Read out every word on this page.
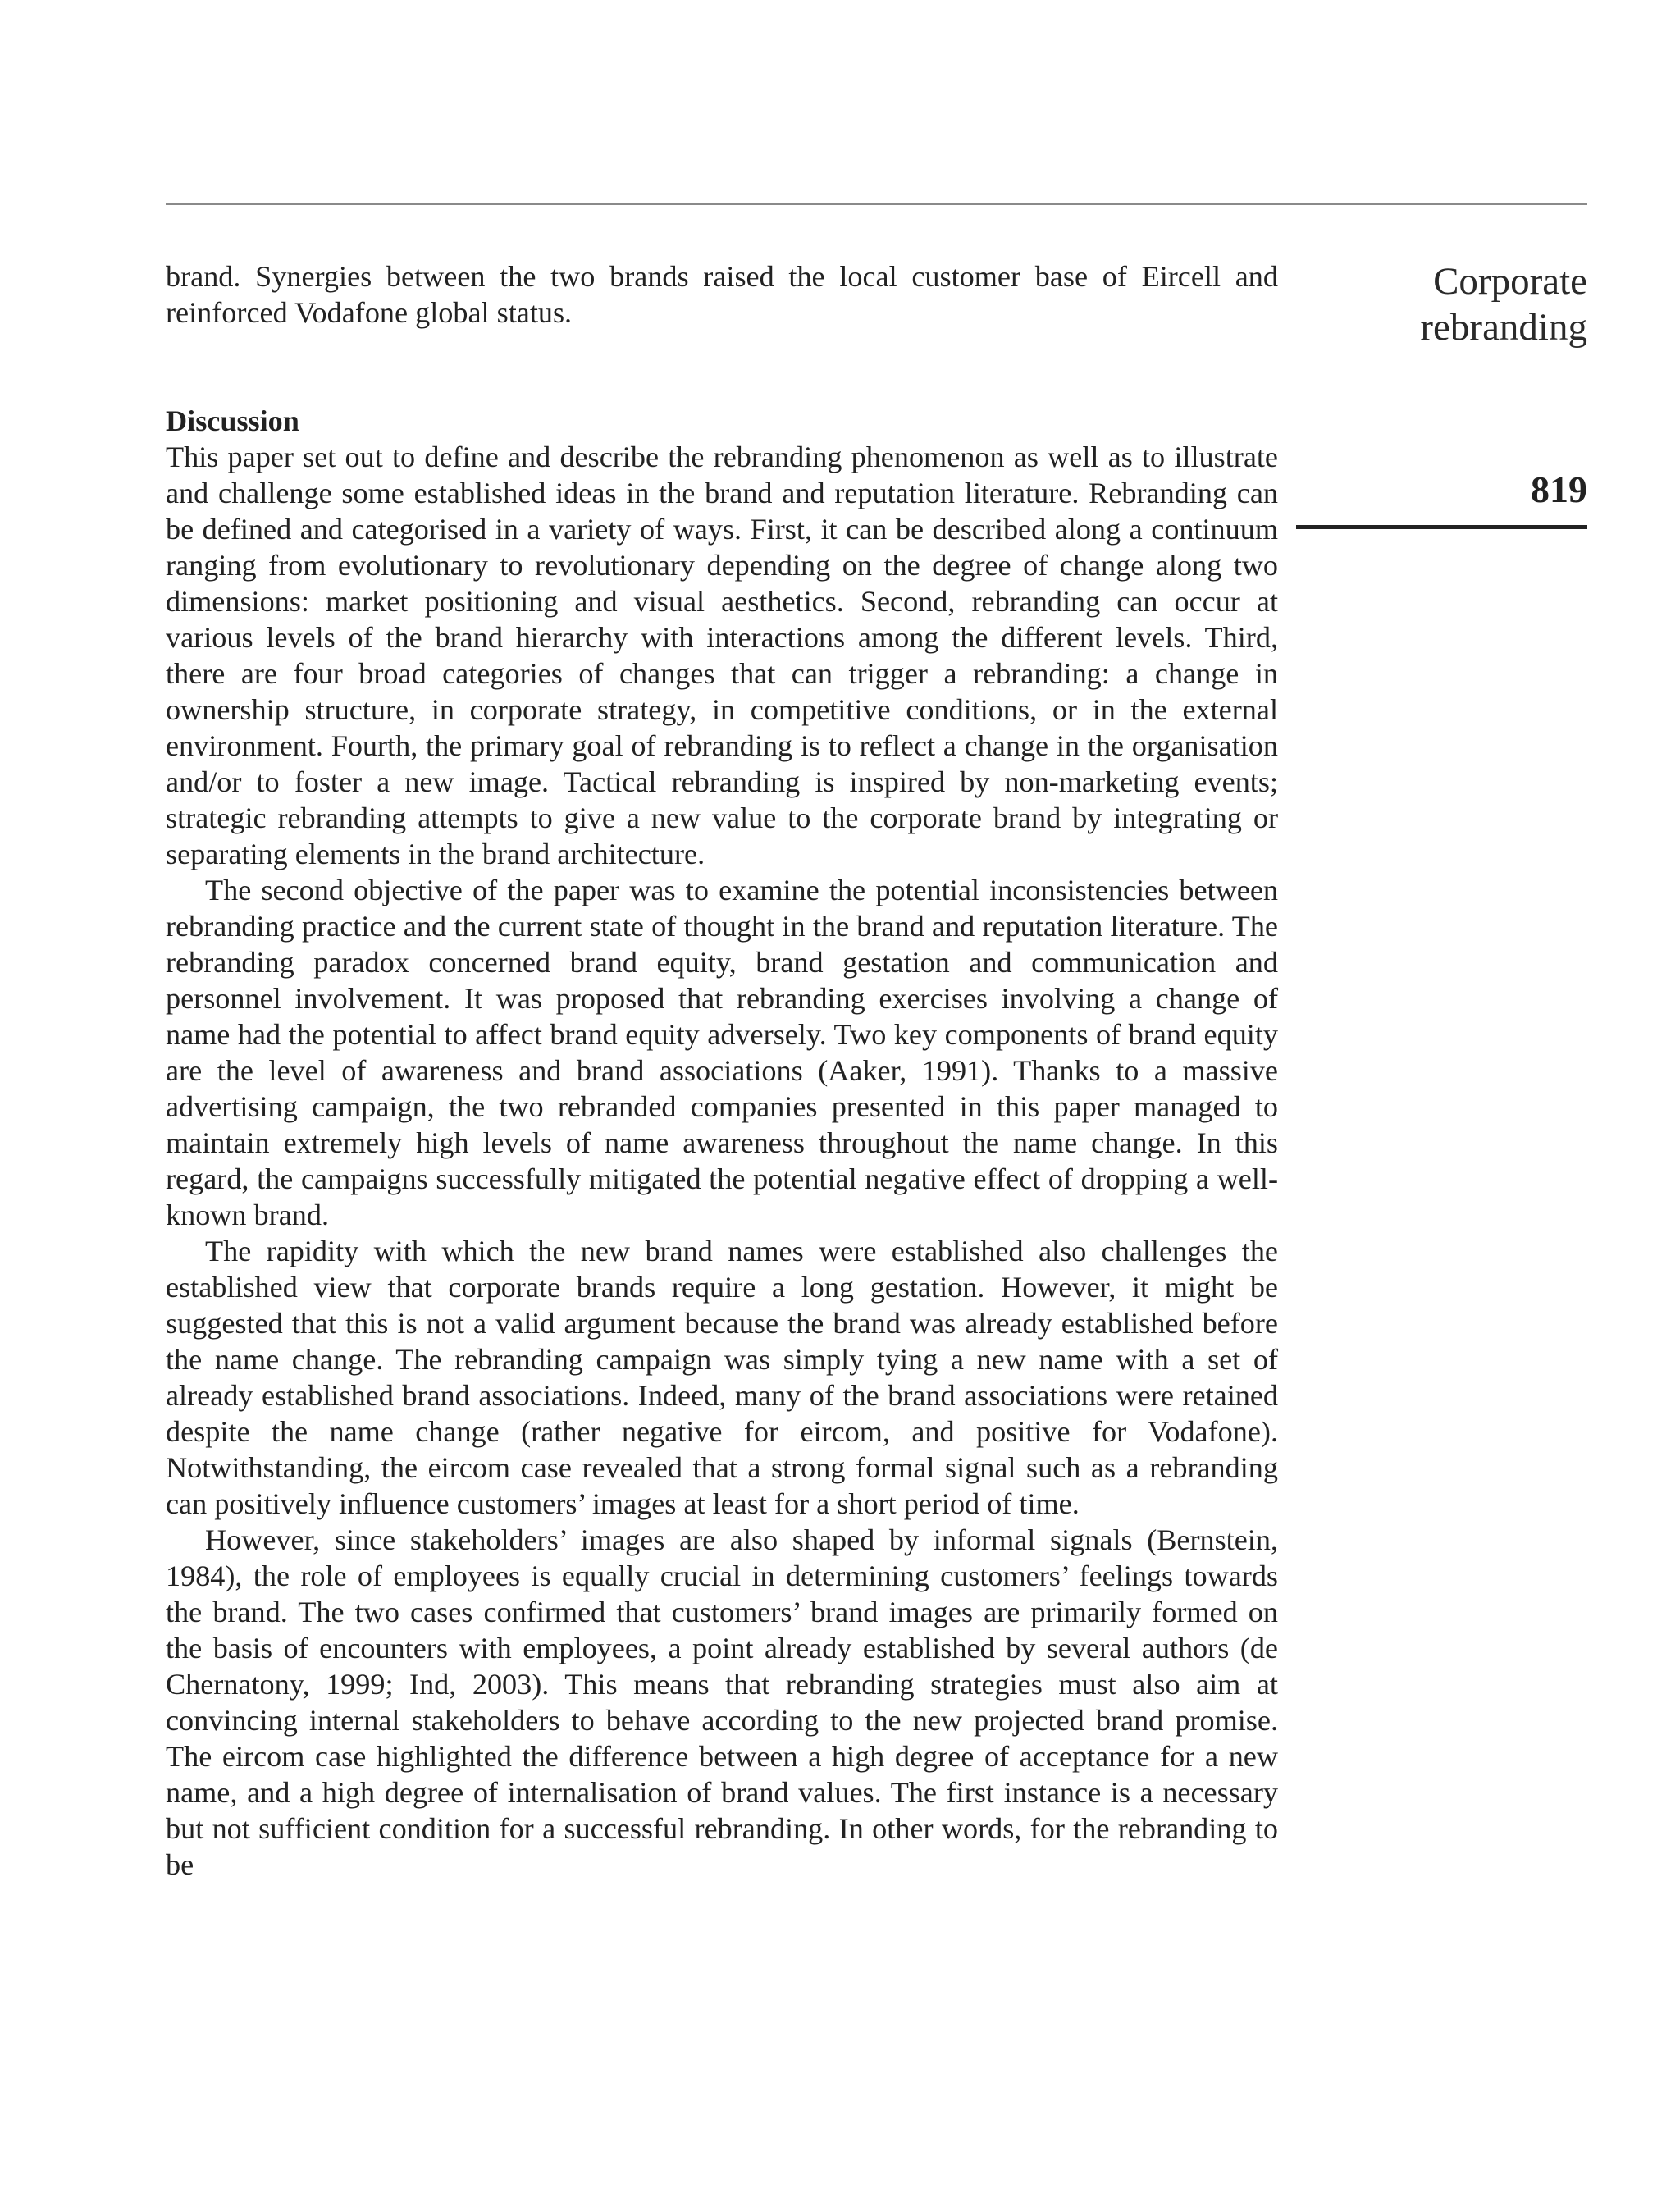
brand. Synergies between the two brands raised the local customer base of Eircell and reinforced Vodafone global status.

Discussion

This paper set out to define and describe the rebranding phenomenon as well as to illustrate and challenge some established ideas in the brand and reputation literature. Rebranding can be defined and categorised in a variety of ways. First, it can be described along a continuum ranging from evolutionary to revolutionary depending on the degree of change along two dimensions: market positioning and visual aesthetics. Second, rebranding can occur at various levels of the brand hierarchy with interactions among the different levels. Third, there are four broad categories of changes that can trigger a rebranding: a change in ownership structure, in corporate strategy, in competitive conditions, or in the external environment. Fourth, the primary goal of rebranding is to reflect a change in the organisation and/or to foster a new image. Tactical rebranding is inspired by non-marketing events; strategic rebranding attempts to give a new value to the corporate brand by integrating or separating elements in the brand architecture.

The second objective of the paper was to examine the potential inconsistencies between rebranding practice and the current state of thought in the brand and reputation literature. The rebranding paradox concerned brand equity, brand gestation and communication and personnel involvement. It was proposed that rebranding exercises involving a change of name had the potential to affect brand equity adversely. Two key components of brand equity are the level of awareness and brand associations (Aaker, 1991). Thanks to a massive advertising campaign, the two rebranded companies presented in this paper managed to maintain extremely high levels of name awareness throughout the name change. In this regard, the campaigns successfully mitigated the potential negative effect of dropping a well-known brand.

The rapidity with which the new brand names were established also challenges the established view that corporate brands require a long gestation. However, it might be suggested that this is not a valid argument because the brand was already established before the name change. The rebranding campaign was simply tying a new name with a set of already established brand associations. Indeed, many of the brand associations were retained despite the name change (rather negative for eircom, and positive for Vodafone). Notwithstanding, the eircom case revealed that a strong formal signal such as a rebranding can positively influence customers’ images at least for a short period of time.

However, since stakeholders’ images are also shaped by informal signals (Bernstein, 1984), the role of employees is equally crucial in determining customers’ feelings towards the brand. The two cases confirmed that customers’ brand images are primarily formed on the basis of encounters with employees, a point already established by several authors (de Chernatony, 1999; Ind, 2003). This means that rebranding strategies must also aim at convincing internal stakeholders to behave according to the new projected brand promise. The eircom case highlighted the difference between a high degree of acceptance for a new name, and a high degree of internalisation of brand values. The first instance is a necessary but not sufficient condition for a successful rebranding. In other words, for the rebranding to be

Corporate
rebranding
819
